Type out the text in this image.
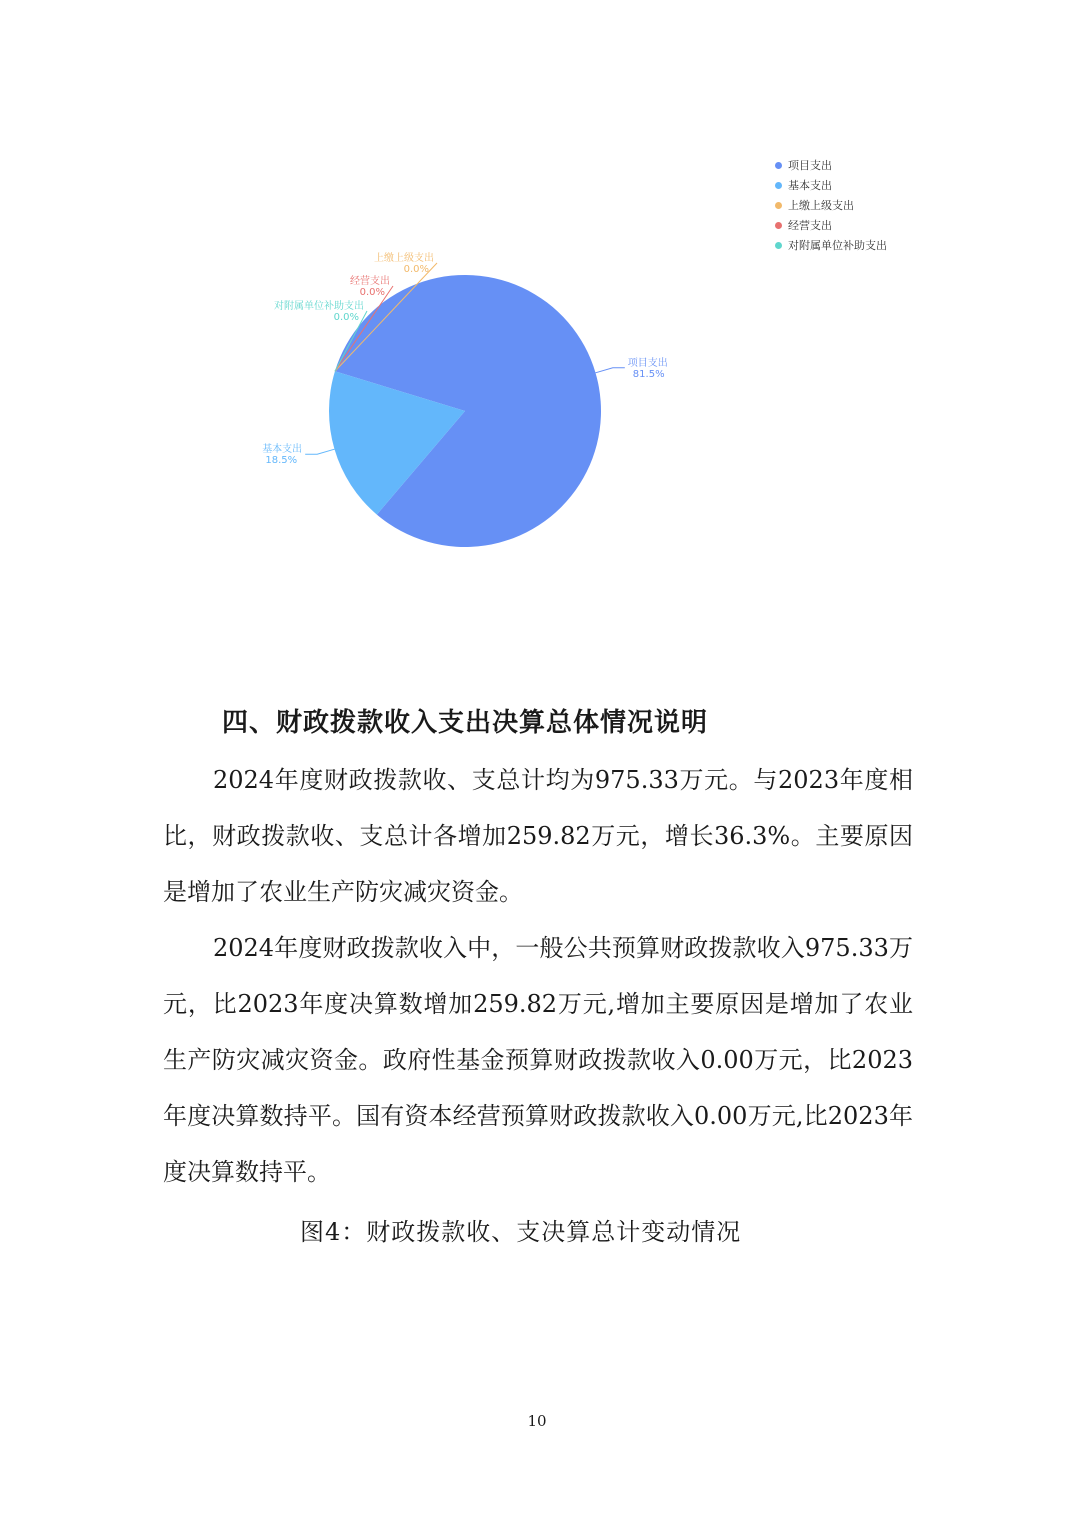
项目支出
81.5%
基本支出
18.5%
上缴上级支出
0.0%
经营支出
0.0%
对附属单位补助支出
0.0%
项目支出
基本支出
上缴上级支出
经营支出
对附属单位补助支出
四、财政拨款收入支出决算总体情况说明
2024年度财政拨款收、支总计均为975.33万元。与2023年度相比，财政拨款收、支总计各增加259.82万元，增长36.3%。主要原因是增加了农业生产防灾减灾资金。
2024年度财政拨款收入中，一般公共预算财政拨款收入975.33万元，比2023年度决算数增加259.82万元,增加主要原因是增加了农业生产防灾减灾资金。政府性基金预算财政拨款收入0.00万元，比2023年度决算数持平。国有资本经营预算财政拨款收入0.00万元,比2023年度决算数持平。
图4：财政拨款收、支决算总计变动情况
10
